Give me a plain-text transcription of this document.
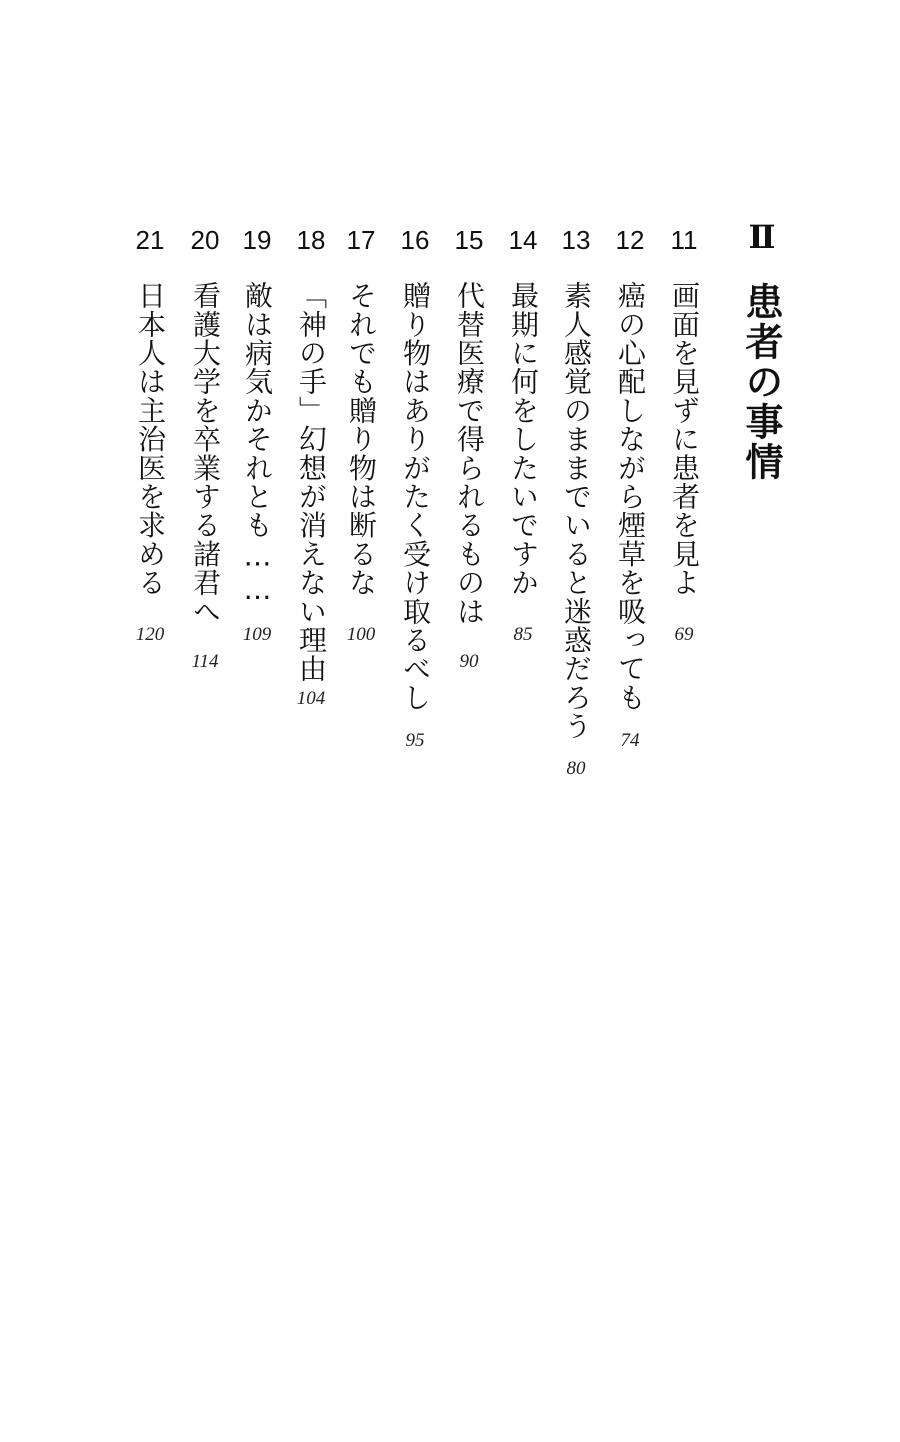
Ⅱ
患者の事情
11
画面を見ずに患者を見よ
69
12
癌の心配しながら煙草を吸っても
74
13
素人感覚のままでいると迷惑だろう
80
14
最期に何をしたいですか
85
15
代替医療で得られるものは
90
16
贈り物はありがたく受け取るべし
95
17
それでも贈り物は断るな
100
18
「神の手」幻想が消えない理由
104
19
敵は病気かそれとも……
109
20
看護大学を卒業する諸君へ
114
21
日本人は主治医を求める
120
